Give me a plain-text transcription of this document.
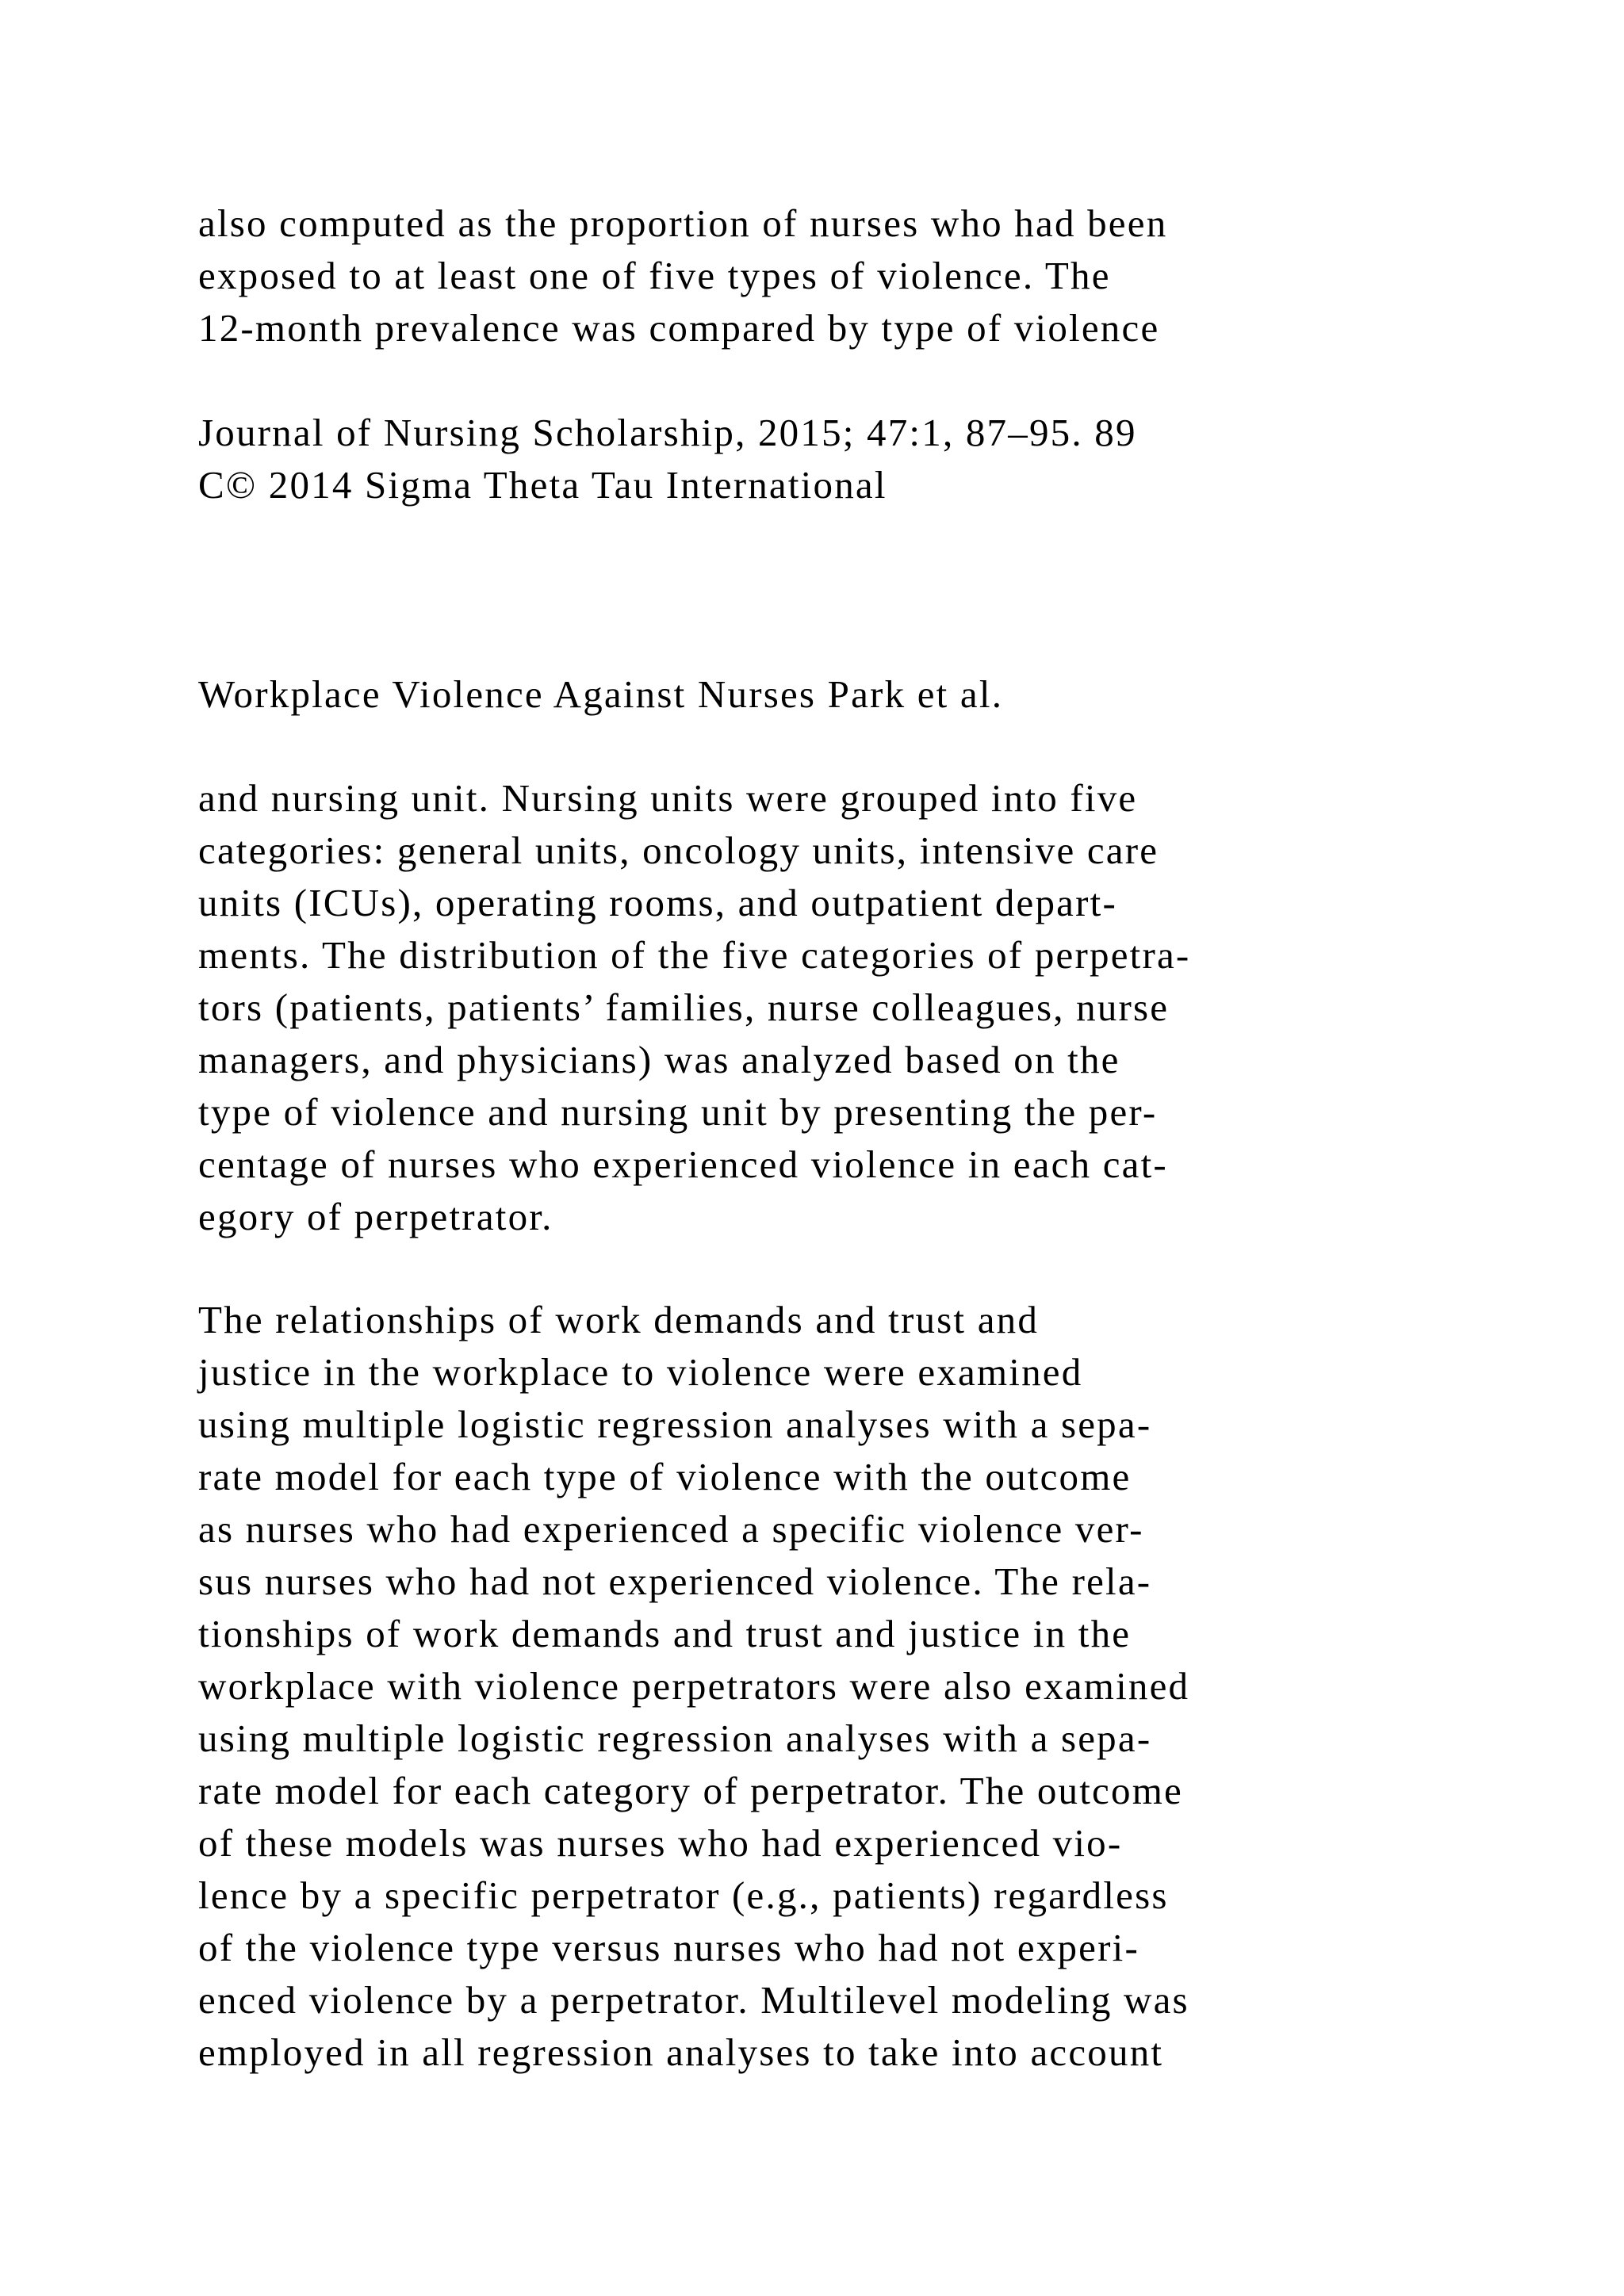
also computed as the proportion of nurses who had been
exposed to at least one of five types of violence. The
12-month prevalence was compared by type of violence
Journal of Nursing Scholarship, 2015; 47:1, 87–95. 89
C© 2014 Sigma Theta Tau International
Workplace Violence Against Nurses Park et al.
and nursing unit. Nursing units were grouped into five
categories: general units, oncology units, intensive care
units (ICUs), operating rooms, and outpatient depart-
ments. The distribution of the five categories of perpetra-
tors (patients, patients’ families, nurse colleagues, nurse
managers, and physicians) was analyzed based on the
type of violence and nursing unit by presenting the per-
centage of nurses who experienced violence in each cat-
egory of perpetrator.
The relationships of work demands and trust and
justice in the workplace to violence were examined
using multiple logistic regression analyses with a sepa-
rate model for each type of violence with the outcome
as nurses who had experienced a specific violence ver-
sus nurses who had not experienced violence. The rela-
tionships of work demands and trust and justice in the
workplace with violence perpetrators were also examined
using multiple logistic regression analyses with a sepa-
rate model for each category of perpetrator. The outcome
of these models was nurses who had experienced vio-
lence by a specific perpetrator (e.g., patients) regardless
of the violence type versus nurses who had not experi-
enced violence by a perpetrator. Multilevel modeling was
employed in all regression analyses to take into account
